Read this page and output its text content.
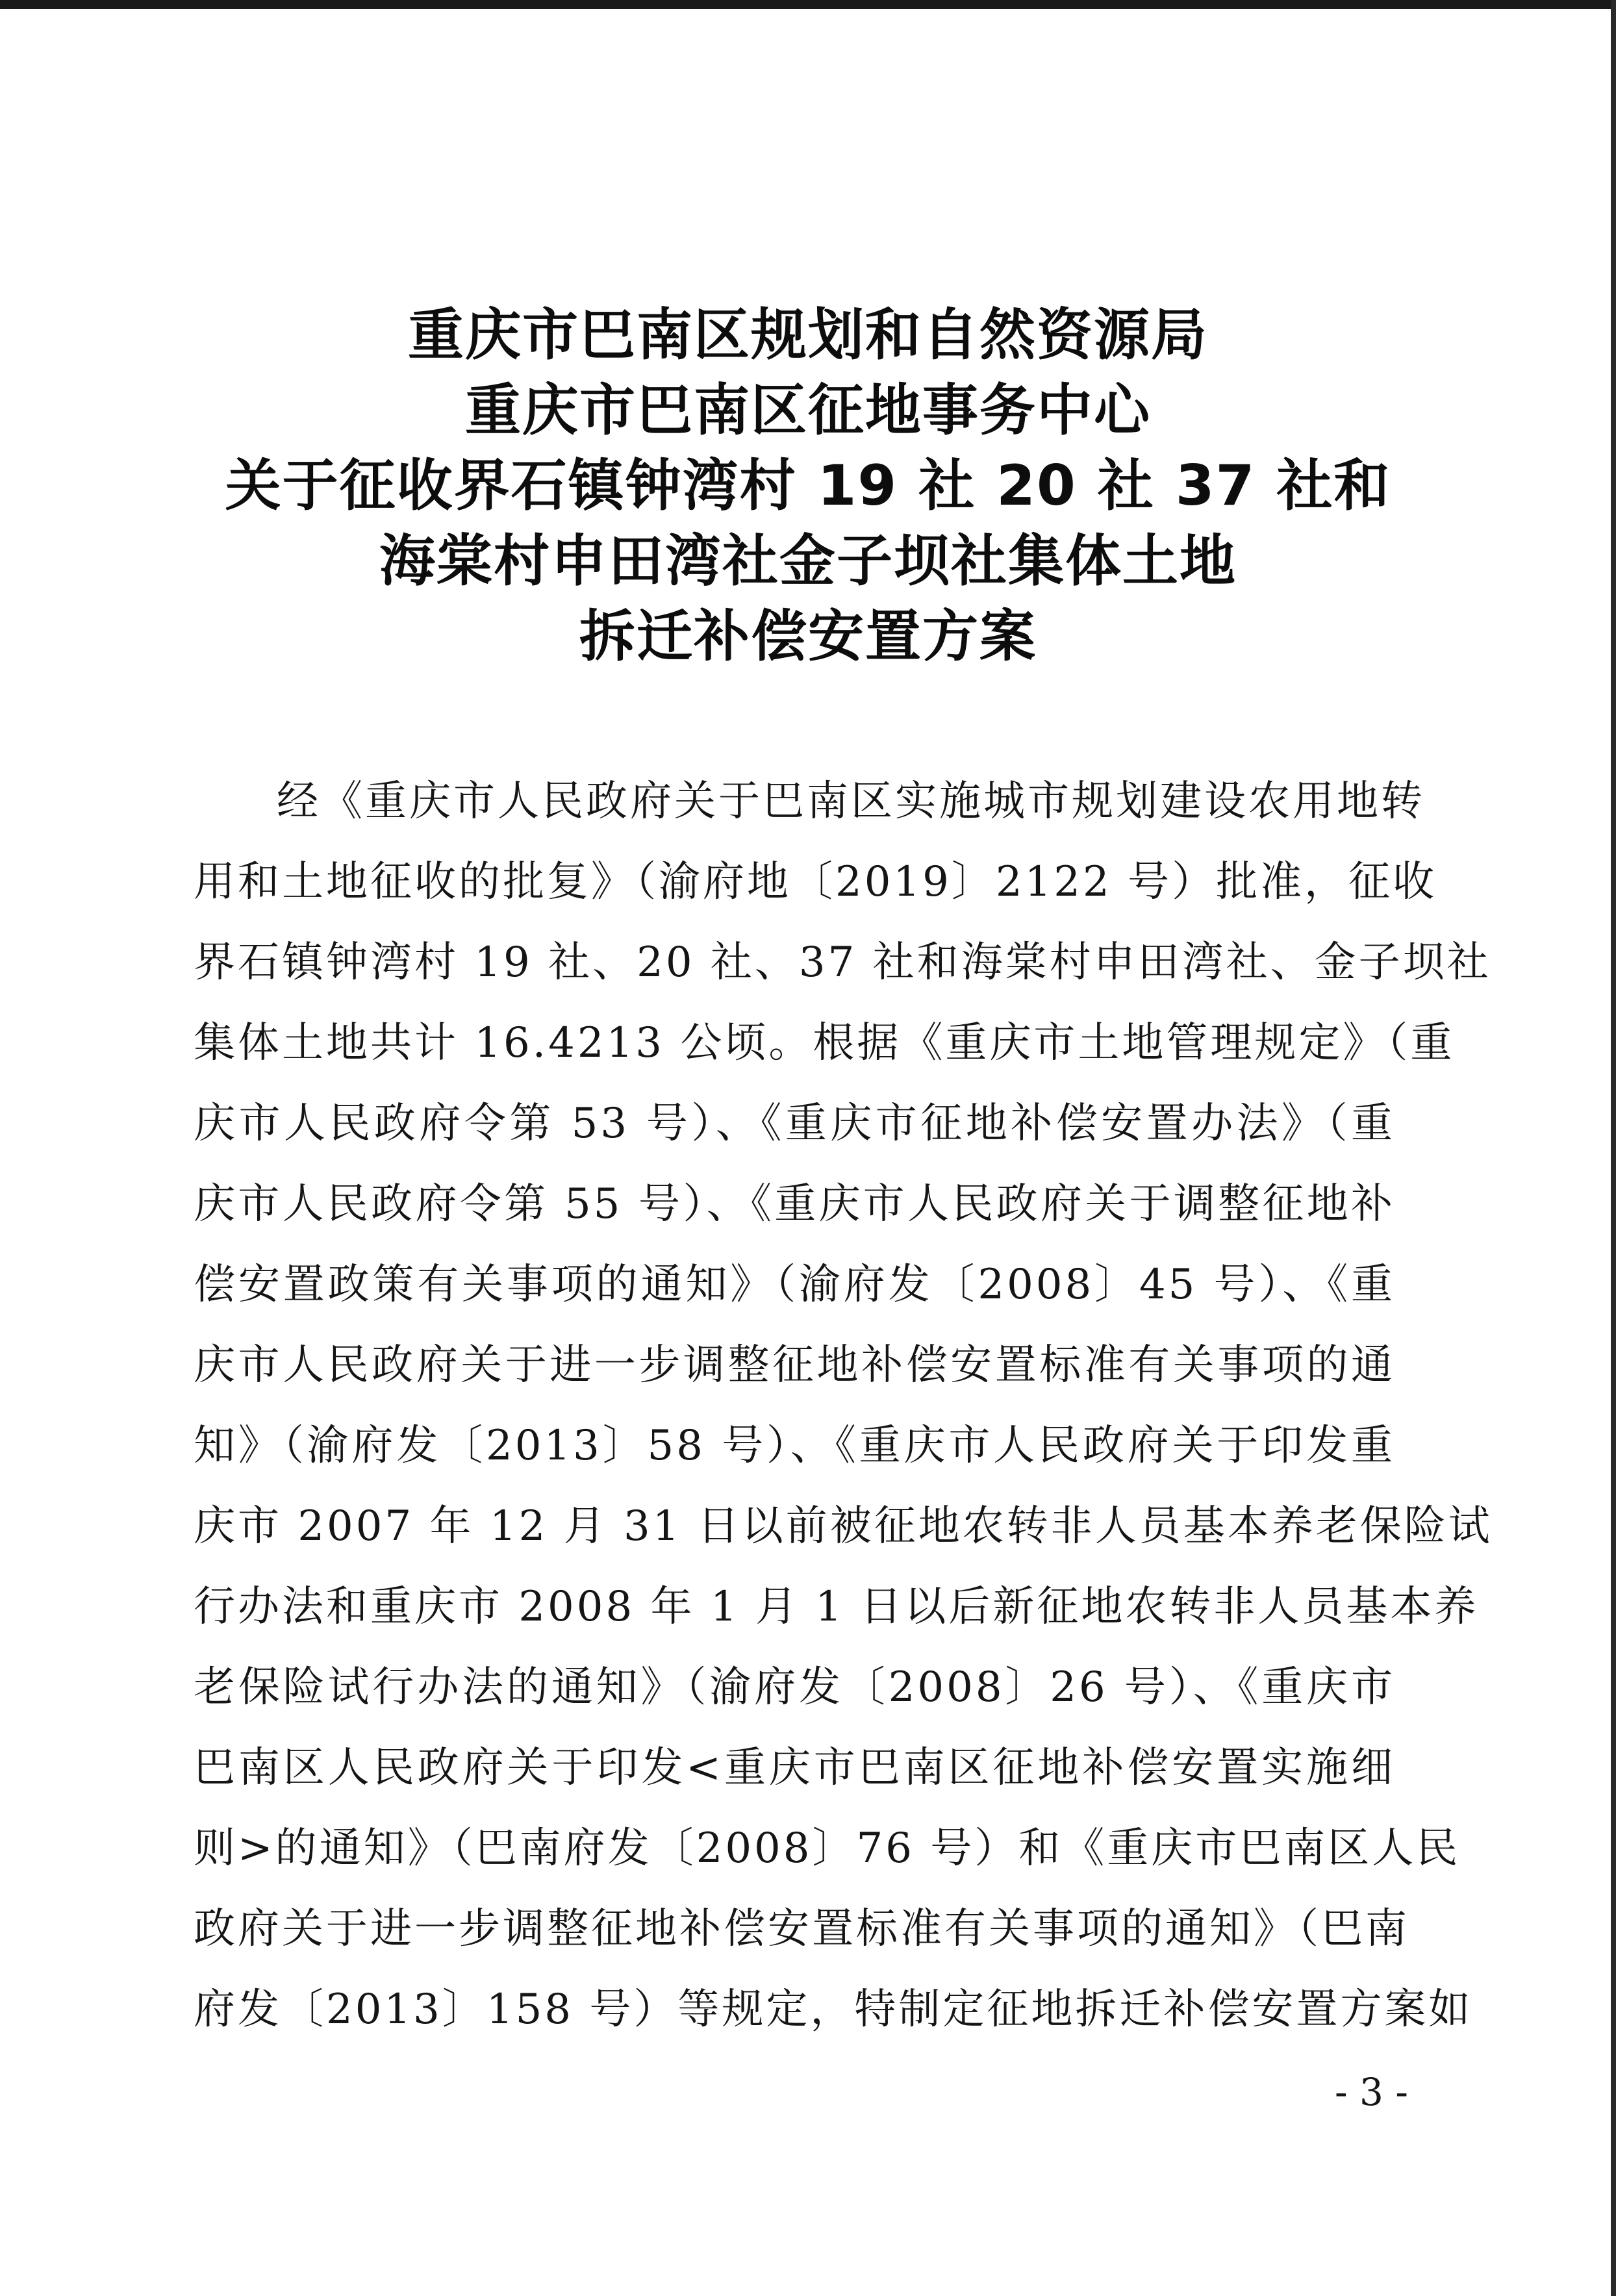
重庆市巴南区规划和自然资源局
重庆市巴南区征地事务中心
关于征收界石镇钟湾村 19 社 20 社 37 社和
海棠村申田湾社金子坝社集体土地
拆迁补偿安置方案
经《重庆市人民政府关于巴南区实施城市规划建设农用地转
用和土地征收的批复》（渝府地〔2019〕2122 号）批准，征收
界石镇钟湾村 19 社、20 社、37 社和海棠村申田湾社、金子坝社
集体土地共计 16.4213 公顷。根据《重庆市土地管理规定》（重
庆市人民政府令第 53 号）、《重庆市征地补偿安置办法》（重
庆市人民政府令第 55 号）、《重庆市人民政府关于调整征地补
偿安置政策有关事项的通知》（渝府发〔2008〕45 号）、《重
庆市人民政府关于进一步调整征地补偿安置标准有关事项的通
知》（渝府发〔2013〕58 号）、《重庆市人民政府关于印发重
庆市 2007 年 12 月 31 日以前被征地农转非人员基本养老保险试
行办法和重庆市 2008 年 1 月 1 日以后新征地农转非人员基本养
老保险试行办法的通知》（渝府发〔2008〕26 号）、《重庆市
巴南区人民政府关于印发<重庆市巴南区征地补偿安置实施细
则>的通知》（巴南府发〔2008〕76 号）和《重庆市巴南区人民
政府关于进一步调整征地补偿安置标准有关事项的通知》（巴南
府发〔2013〕158 号）等规定，特制定征地拆迁补偿安置方案如
- 3 -
